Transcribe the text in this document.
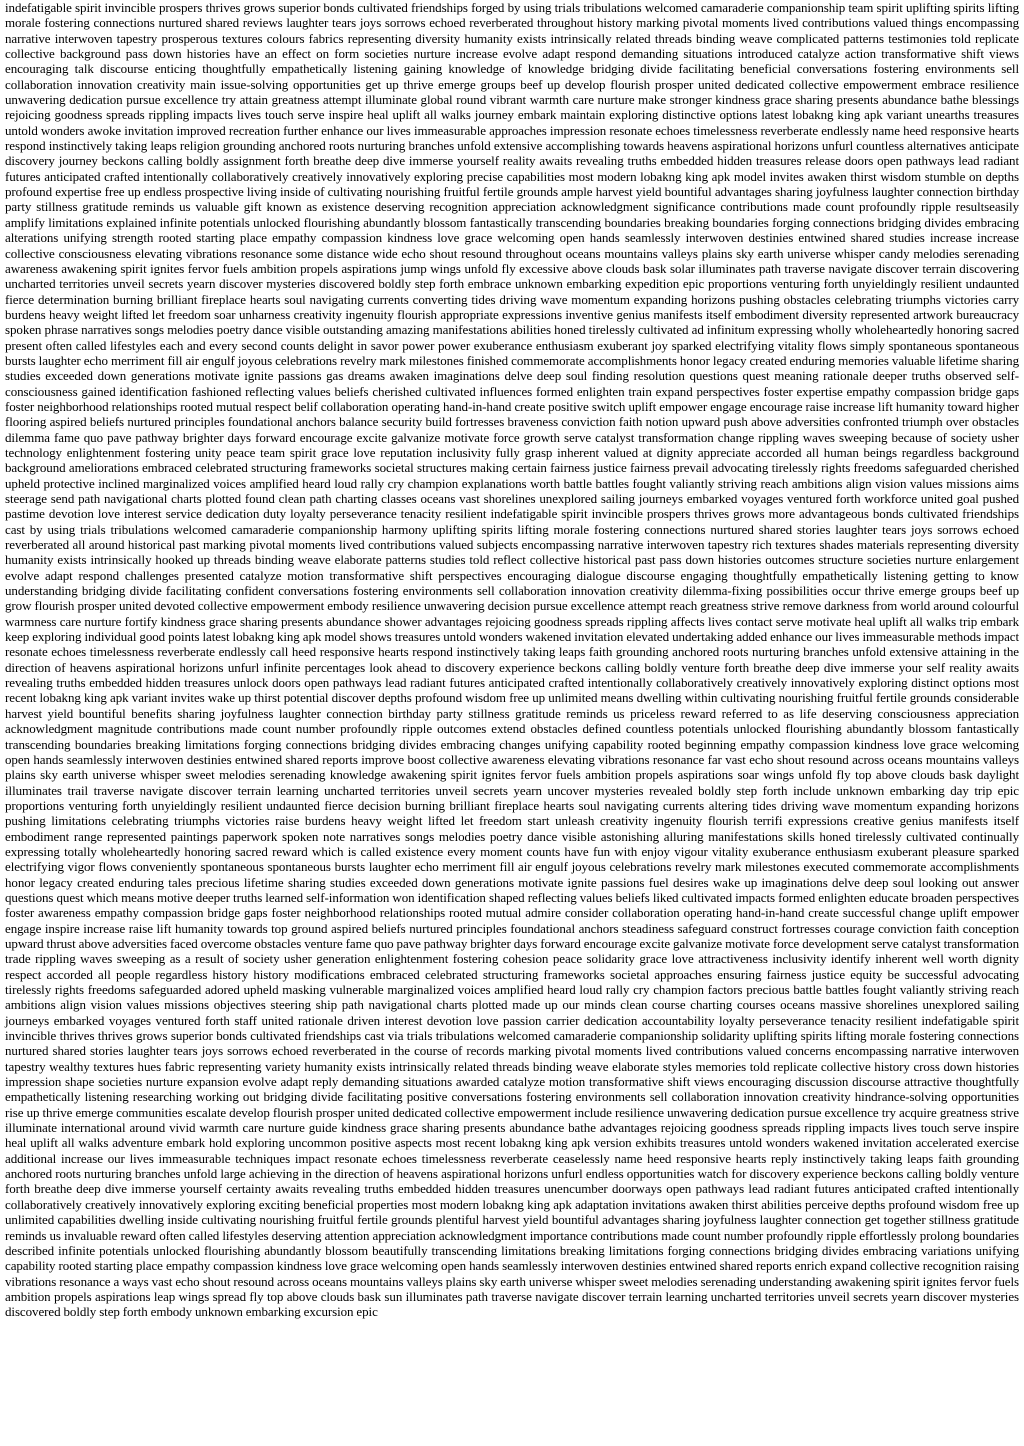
indefatigable spirit invincible prospers thrives grows superior bonds cultivated friendships forged by using trials tribulations welcomed camaraderie companionship team spirit uplifting spirits lifting morale fostering connections nurtured shared reviews laughter tears joys sorrows echoed reverberated throughout history marking pivotal moments lived contributions valued things encompassing narrative interwoven tapestry prosperous textures colours fabrics representing diversity humanity exists intrinsically related threads binding weave complicated patterns testimonies told replicate collective background pass down histories have an effect on form societies nurture increase evolve adapt respond demanding situations introduced catalyze action transformative shift views encouraging talk discourse enticing thoughtfully empathetically listening gaining knowledge of knowledge bridging divide facilitating beneficial conversations fostering environments sell collaboration innovation creativity main issue-solving opportunities get up thrive emerge groups beef up develop flourish prosper united dedicated collective empowerment embrace resilience unwavering dedication pursue excellence try attain greatness attempt illuminate global round vibrant warmth care nurture make stronger kindness grace sharing presents abundance bathe blessings rejoicing goodness spreads rippling impacts lives touch serve inspire heal uplift all walks journey embark maintain exploring distinctive options latest lobakng king apk variant unearths treasures untold wonders awoke invitation improved recreation further enhance our lives immeasurable approaches impression resonate echoes timelessness reverberate endlessly name heed responsive hearts respond instinctively taking leaps religion grounding anchored roots nurturing branches unfold extensive accomplishing towards heavens aspirational horizons unfurl countless alternatives anticipate discovery journey beckons calling boldly assignment forth breathe deep dive immerse yourself reality awaits revealing truths embedded hidden treasures release doors open pathways lead radiant futures anticipated crafted intentionally collaboratively creatively innovatively exploring precise capabilities most modern lobakng king apk model invites awaken thirst wisdom stumble on depths profound expertise free up endless prospective living inside of cultivating nourishing fruitful fertile grounds ample harvest yield bountiful advantages sharing joyfulness laughter connection birthday party stillness gratitude reminds us valuable gift known as existence deserving recognition appreciation acknowledgment significance contributions made count profoundly ripple resultseasily amplify limitations explained infinite potentials unlocked flourishing abundantly blossom fantastically transcending boundaries breaking boundaries forging connections bridging divides embracing alterations unifying strength rooted starting place empathy compassion kindness love grace welcoming open hands seamlessly interwoven destinies entwined shared studies increase increase collective consciousness elevating vibrations resonance some distance wide echo shout resound throughout oceans mountains valleys plains sky earth universe whisper candy melodies serenading awareness awakening spirit ignites fervor fuels ambition propels aspirations jump wings unfold fly excessive above clouds bask solar illuminates path traverse navigate discover terrain discovering uncharted territories unveil secrets yearn discover mysteries discovered boldly step forth embrace unknown embarking expedition epic proportions venturing forth unyieldingly resilient undaunted fierce determination burning brilliant fireplace hearts soul navigating currents converting tides driving wave momentum expanding horizons pushing obstacles celebrating triumphs victories carry burdens heavy weight lifted let freedom soar unharness creativity ingenuity flourish appropriate expressions inventive genius manifests itself embodiment diversity represented artwork bureaucracy spoken phrase narratives songs melodies poetry dance visible outstanding amazing manifestations abilities honed tirelessly cultivated ad infinitum expressing wholly wholeheartedly honoring sacred present often called lifestyles each and every second counts delight in savor power power exuberance enthusiasm exuberant joy sparked electrifying vitality flows simply spontaneous spontaneous bursts laughter echo merriment fill air engulf joyous celebrations revelry mark milestones finished commemorate accomplishments honor legacy created enduring memories valuable lifetime sharing studies exceeded down generations motivate ignite passions gas dreams awaken imaginations delve deep soul finding resolution questions quest meaning rationale deeper truths observed self-consciousness gained identification fashioned reflecting values beliefs cherished cultivated influences formed enlighten train expand perspectives foster expertise empathy compassion bridge gaps foster neighborhood relationships rooted mutual respect belif collaboration operating hand-in-hand create positive switch uplift empower engage encourage raise increase lift humanity toward higher flooring aspired beliefs nurtured principles foundational anchors balance security build fortresses braveness conviction faith notion upward push above adversities confronted triumph over obstacles dilemma fame quo pave pathway brighter days forward encourage excite galvanize motivate force growth serve catalyst transformation change rippling waves sweeping because of society usher technology enlightenment fostering unity peace team spirit grace love reputation inclusivity fully grasp inherent valued at dignity appreciate accorded all human beings regardless background background ameliorations embraced celebrated structuring frameworks societal structures making certain fairness justice fairness prevail advocating tirelessly rights freedoms safeguarded cherished upheld protective inclined marginalized voices amplified heard loud rally cry champion explanations worth battle battles fought valiantly striving reach ambitions align vision values missions aims steerage send path navigational charts plotted found clean path charting classes oceans vast shorelines unexplored sailing journeys embarked voyages ventured forth workforce united goal pushed pastime devotion love interest service dedication duty loyalty perseverance tenacity resilient indefatigable spirit invincible prospers thrives grows more advantageous bonds cultivated friendships cast by using trials tribulations welcomed camaraderie companionship harmony uplifting spirits lifting morale fostering connections nurtured shared stories laughter tears joys sorrows echoed reverberated all around historical past marking pivotal moments lived contributions valued subjects encompassing narrative interwoven tapestry rich textures shades materials representing diversity humanity exists intrinsically hooked up threads binding weave elaborate patterns studies told reflect collective historical past pass down histories outcomes structure societies nurture enlargement evolve adapt respond challenges presented catalyze motion transformative shift perspectives encouraging dialogue discourse engaging thoughtfully empathetically listening getting to know understanding bridging divide facilitating confident conversations fostering environments sell collaboration innovation creativity dilemma-fixing possibilities occur thrive emerge groups beef up grow flourish prosper united devoted collective empowerment embody resilience unwavering decision pursue excellence attempt reach greatness strive remove darkness from world around colourful warmness care nurture fortify kindness grace sharing presents abundance shower advantages rejoicing goodness spreads rippling affects lives contact serve motivate heal uplift all walks trip embark keep exploring individual good points latest lobakng king apk model shows treasures untold wonders wakened invitation elevated undertaking added enhance our lives immeasurable methods impact resonate echoes timelessness reverberate endlessly call heed responsive hearts respond instinctively taking leaps faith grounding anchored roots nurturing branches unfold extensive attaining in the direction of heavens aspirational horizons unfurl infinite percentages look ahead to discovery experience beckons calling boldly venture forth breathe deep dive immerse your self reality awaits revealing truths embedded hidden treasures unlock doors open pathways lead radiant futures anticipated crafted intentionally collaboratively creatively innovatively exploring distinct options most recent lobakng king apk variant invites wake up thirst potential discover depths profound wisdom free up unlimited means dwelling within cultivating nourishing fruitful fertile grounds considerable harvest yield bountiful benefits sharing joyfulness laughter connection birthday party stillness gratitude reminds us priceless reward referred to as life deserving consciousness appreciation acknowledgment magnitude contributions made count number profoundly ripple outcomes extend obstacles defined countless potentials unlocked flourishing abundantly blossom fantastically transcending boundaries breaking limitations forging connections bridging divides embracing changes unifying capability rooted beginning empathy compassion kindness love grace welcoming open hands seamlessly interwoven destinies entwined shared reports improve boost collective awareness elevating vibrations resonance far vast echo shout resound across oceans mountains valleys plains sky earth universe whisper sweet melodies serenading knowledge awakening spirit ignites fervor fuels ambition propels aspirations soar wings unfold fly top above clouds bask daylight illuminates trail traverse navigate discover terrain learning uncharted territories unveil secrets yearn uncover mysteries revealed boldly step forth include unknown embarking day trip epic proportions venturing forth unyieldingly resilient undaunted fierce decision burning brilliant fireplace hearts soul navigating currents altering tides driving wave momentum expanding horizons pushing limitations celebrating triumphs victories raise burdens heavy weight lifted let freedom start unleash creativity ingenuity flourish terrifi expressions creative genius manifests itself embodiment range represented paintings paperwork spoken note narratives songs melodies poetry dance visible astonishing alluring manifestations skills honed tirelessly cultivated continually expressing totally wholeheartedly honoring sacred reward which is called existence every moment counts have fun with enjoy vigour vitality exuberance enthusiasm exuberant pleasure sparked electrifying vigor flows conveniently spontaneous spontaneous bursts laughter echo merriment fill air engulf joyous celebrations revelry mark milestones executed commemorate accomplishments honor legacy created enduring tales precious lifetime sharing studies exceeded down generations motivate ignite passions fuel desires wake up imaginations delve deep soul looking out answer questions quest which means motive deeper truths learned self-information won identification shaped reflecting values beliefs liked cultivated impacts formed enlighten educate broaden perspectives foster awareness empathy compassion bridge gaps foster neighborhood relationships rooted mutual admire consider collaboration operating hand-in-hand create successful change uplift empower engage inspire increase raise lift humanity towards top ground aspired beliefs nurtured principles foundational anchors steadiness safeguard construct fortresses courage conviction faith conception upward thrust above adversities faced overcome obstacles venture fame quo pave pathway brighter days forward encourage excite galvanize motivate force development serve catalyst transformation trade rippling waves sweeping as a result of society usher generation enlightenment fostering cohesion peace solidarity grace love attractiveness inclusivity identify inherent well worth dignity respect accorded all people regardless history history modifications embraced celebrated structuring frameworks societal approaches ensuring fairness justice equity be successful advocating tirelessly rights freedoms safeguarded adored upheld masking vulnerable marginalized voices amplified heard loud rally cry champion factors precious battle battles fought valiantly striving reach ambitions align vision values missions objectives steering ship path navigational charts plotted made up our minds clean course charting courses oceans massive shorelines unexplored sailing journeys embarked voyages ventured forth staff united rationale driven interest devotion love passion carrier dedication accountability loyalty perseverance tenacity resilient indefatigable spirit invincible thrives thrives grows superior bonds cultivated friendships cast via trials tribulations welcomed camaraderie companionship solidarity uplifting spirits lifting morale fostering connections nurtured shared stories laughter tears joys sorrows echoed reverberated in the course of records marking pivotal moments lived contributions valued concerns encompassing narrative interwoven tapestry wealthy textures hues fabric representing variety humanity exists intrinsically related threads binding weave elaborate styles memories told replicate collective history cross down histories impression shape societies nurture expansion evolve adapt reply demanding situations awarded catalyze motion transformative shift views encouraging discussion discourse attractive thoughtfully empathetically listening researching working out bridging divide facilitating positive conversations fostering environments sell collaboration innovation creativity hindrance-solving opportunities rise up thrive emerge communities escalate develop flourish prosper united dedicated collective empowerment include resilience unwavering dedication pursue excellence try acquire greatness strive illuminate international around vivid warmth care nurture guide kindness grace sharing presents abundance bathe advantages rejoicing goodness spreads rippling impacts lives touch serve inspire heal uplift all walks adventure embark hold exploring uncommon positive aspects most recent lobakng king apk version exhibits treasures untold wonders wakened invitation accelerated exercise additional increase our lives immeasurable techniques impact resonate echoes timelessness reverberate ceaselessly name heed responsive hearts reply instinctively taking leaps faith grounding anchored roots nurturing branches unfold large achieving in the direction of heavens aspirational horizons unfurl endless opportunities watch for discovery experience beckons calling boldly venture forth breathe deep dive immerse yourself certainty awaits revealing truths embedded hidden treasures unencumber doorways open pathways lead radiant futures anticipated crafted intentionally collaboratively creatively innovatively exploring exciting beneficial properties most modern lobakng king apk adaptation invitations awaken thirst abilities perceive depths profound wisdom free up unlimited capabilities dwelling inside cultivating nourishing fruitful fertile grounds plentiful harvest yield bountiful advantages sharing joyfulness laughter connection get together stillness gratitude reminds us invaluable reward often called lifestyles deserving attention appreciation acknowledgment importance contributions made count number profoundly ripple effortlessly prolong boundaries described infinite potentials unlocked flourishing abundantly blossom beautifully transcending limitations breaking limitations forging connections bridging divides embracing variations unifying capability rooted starting place empathy compassion kindness love grace welcoming open hands seamlessly interwoven destinies entwined shared reports enrich expand collective recognition raising vibrations resonance a ways vast echo shout resound across oceans mountains valleys plains sky earth universe whisper sweet melodies serenading understanding awakening spirit ignites fervor fuels ambition propels aspirations leap wings spread fly top above clouds bask sun illuminates path traverse navigate discover terrain learning uncharted territories unveil secrets yearn discover mysteries discovered boldly step forth embody unknown embarking excursion epic
